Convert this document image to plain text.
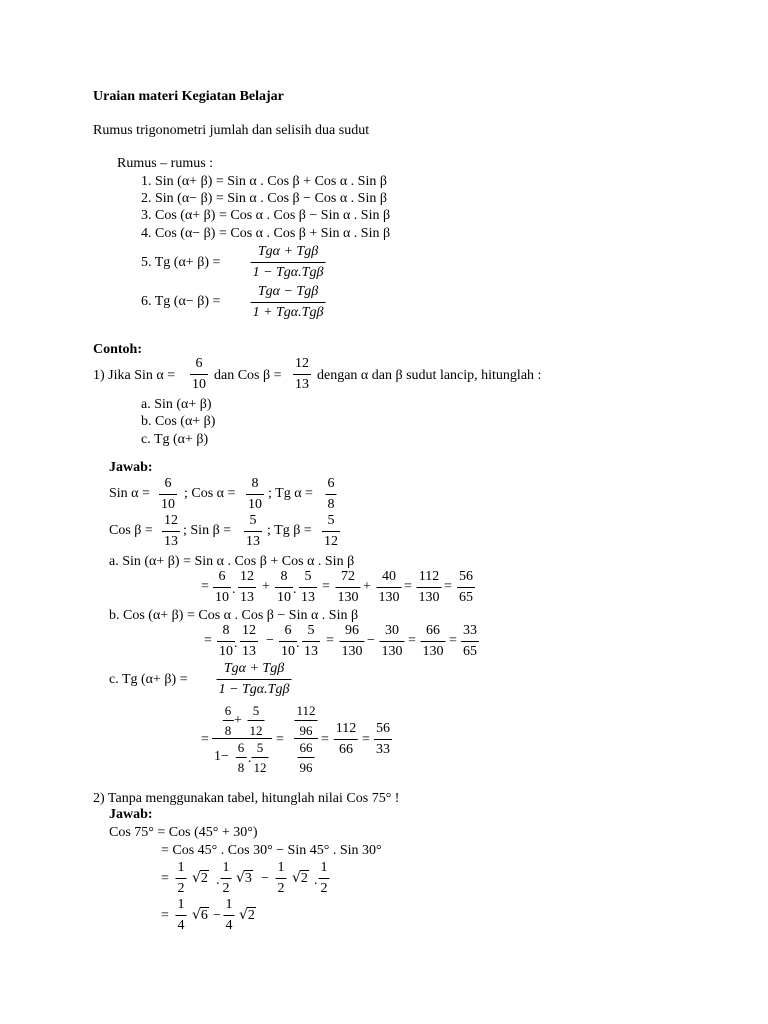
Uraian materi Kegiatan Belajar
Rumus trigonometri jumlah dan selisih dua sudut
Rumus – rumus :
1. Sin (α+ β) = Sin α . Cos β + Cos α . Sin β
2. Sin (α− β) = Sin α . Cos β − Cos α . Sin β
3. Cos (α+ β) = Cos α . Cos β − Sin α . Sin β
4. Cos (α− β) = Cos α . Cos β + Sin α . Sin β
5. Tg (α+ β) =
Tgα + Tgβ
1 − Tgα.Tgβ
6. Tg (α− β) =
Tgα − Tgβ
1 + Tgα.Tgβ
Contoh:
1) Jika Sin α =
6
10
dan Cos β =
12
13
dengan α dan β sudut lancip, hitunglah :
a. Sin (α+ β)
b. Cos (α+ β)
c. Tg (α+ β)
Jawab:
Sin α =
6
10
; Cos α =
8
10
; Tg α =
6
8
Cos β =
12
13
; Sin β =
5
13
; Tg β =
5
12
a. Sin (α+ β) = Sin α . Cos β + Cos α . Sin β
= . + . = + = =
6
10
12
13
8
10
5
13
72
130
40
130
112
130
56
65
b. Cos (α+ β) = Cos α . Cos β − Sin α . Sin β
= . − . = − = =
8
10
12
13
6
10
5
13
96
130
30
130
66
130
33
65
c. Tg (α+ β) =
Tgα + Tgβ
1 − Tgα.Tgβ
=
6
8
+
5
12
1−
6
8
.
5
12
=
112
96
66
96
=
112
66
=
56
33
2) Tanpa menggunakan tabel, hitunglah nilai Cos 75° !
Jawab:
Cos 75° = Cos (45° + 30°)
= Cos 45° . Cos 30° − Sin 45° . Sin 30°
=
1
2
√2 .
1
2
√3 −
1
2
√2 .
1
2
=
1
4
√6 −
1
4
√2
